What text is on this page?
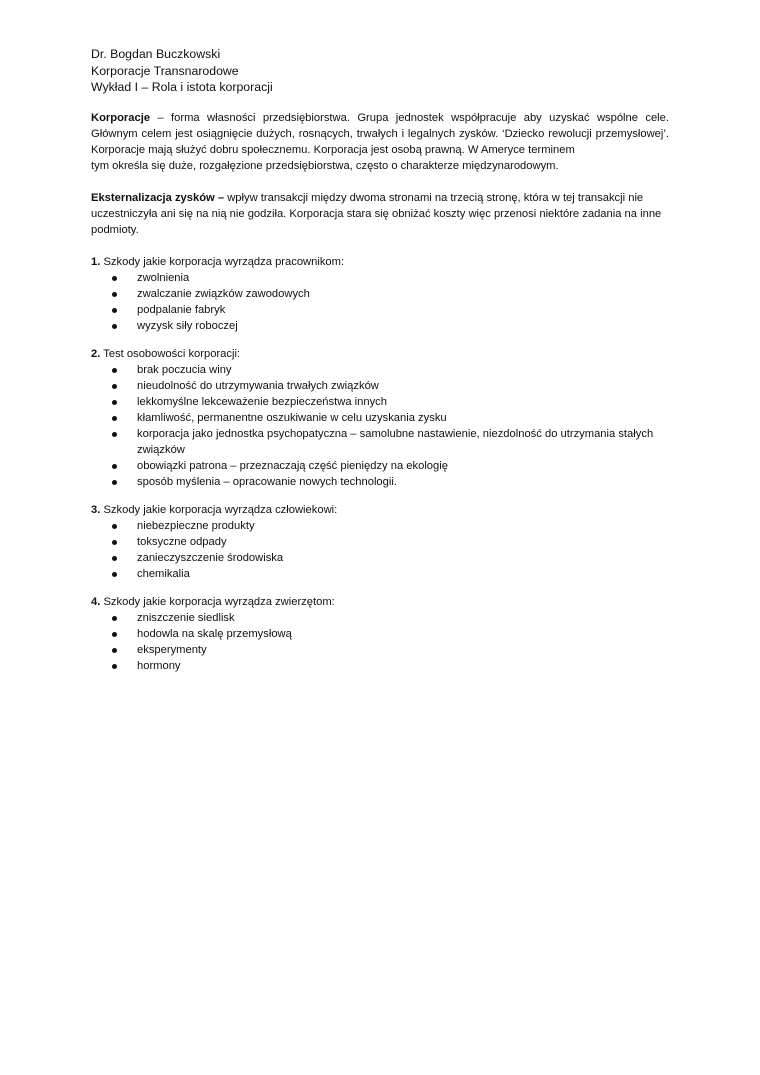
Dr. Bogdan Buczkowski

Korporacje Transnarodowe

Wykład I – Rola i istota korporacji

Korporacje – forma własności przedsiębiorstwa. Grupa jednostek współpracuje aby uzyskać wspólne cele. Głównym celem jest osiągnięcie dużych, rosnących, trwałych i legalnych zysków. ‘Dziecko rewolucji przemysłowej’. Korporacje mają służyć dobru społecznemu. Korporacja jest osobą prawną. W Ameryce terminem

tym określa się duże, rozgałęzione przedsiębiorstwa, często o charakterze międzynarodowym.

Eksternalizacja zysków – wpływ transakcji między dwoma stronami na trzecią stronę, która w tej transakcji nie uczestniczyła ani się na nią nie godziła. Korporacja stara się obniżać koszty więc przenosi niektóre zadania na inne podmioty.

1. Szkody jakie korporacja wyrządza pracownikom:

zwolnienia
zwalczanie związków zawodowych
podpalanie fabryk
wyzysk siły roboczej

2. Test osobowości korporacji:

brak poczucia winy
nieudolność do utrzymywania trwałych związków
lekkomyślne lekceważenie bezpieczeństwa innych
kłamliwość, permanentne oszukiwanie w celu uzyskania zysku
korporacja jako jednostka psychopatyczna – samolubne nastawienie, niezdolność do utrzymania stałych związków
obowiązki patrona – przeznaczają część pieniędzy na ekologię
sposób myślenia – opracowanie nowych technologii.

3. Szkody jakie korporacja wyrządza człowiekowi:

niebezpieczne produkty
toksyczne odpady
zanieczyszczenie środowiska
chemikalia

4. Szkody jakie korporacja wyrządza zwierzętom:

zniszczenie siedlisk
hodowla na skalę przemysłową
eksperymenty
hormony
